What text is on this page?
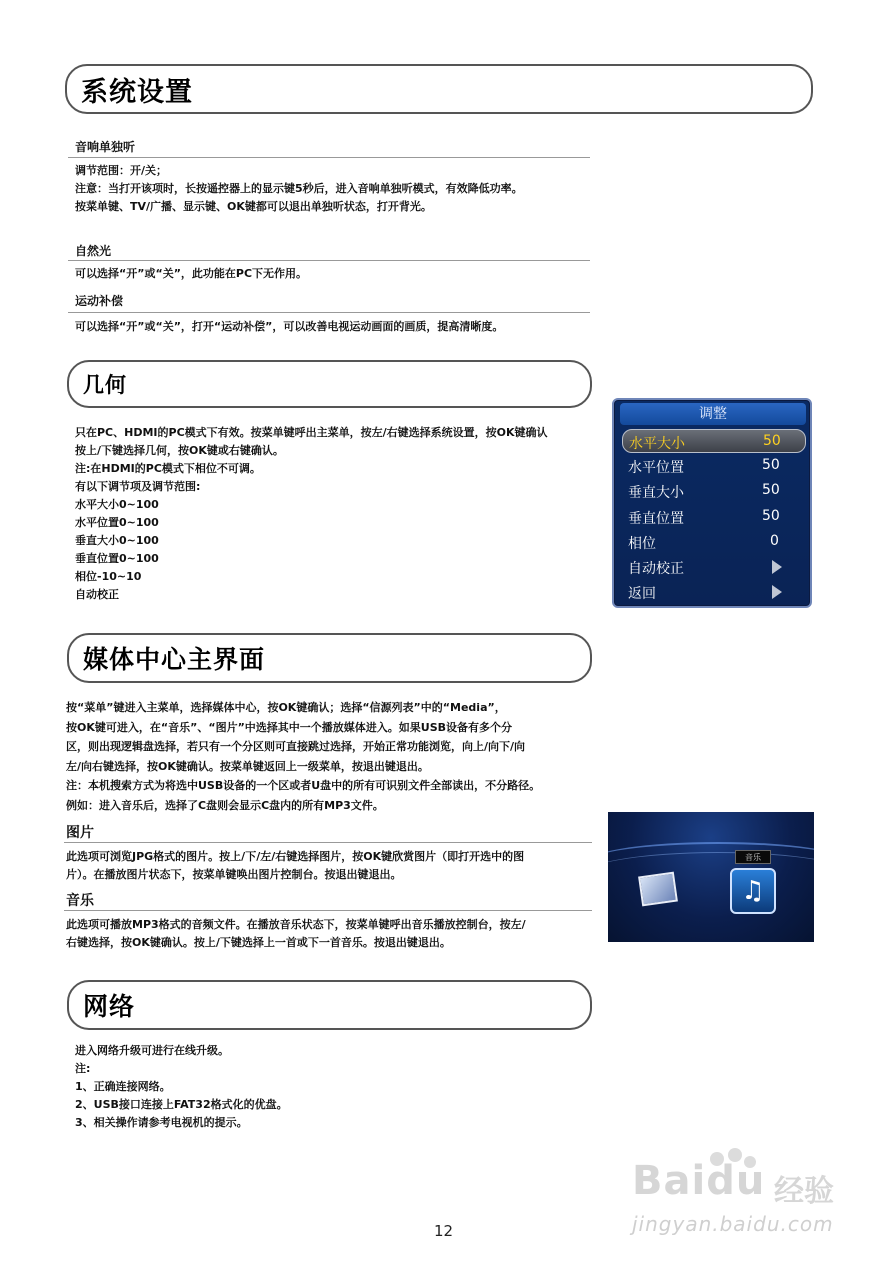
系统设置
音响单独听
调节范围：开/关；
注意：当打开该项时，长按遥控器上的显示键5秒后，进入音响单独听模式，有效降低功率。
按菜单键、TV/广播、显示键、OK键都可以退出单独听状态，打开背光。
自然光
可以选择“开”或“关”，此功能在PC下无作用。
运动补偿
可以选择“开”或“关”，打开“运动补偿”，可以改善电视运动画面的画质，提高清晰度。
几何
只在PC、HDMI的PC模式下有效。按菜单键呼出主菜单，按左/右键选择系统设置，按OK键确认
按上/下键选择几何，按OK键或右键确认。
注:在HDMI的PC模式下相位不可调。
有以下调节项及调节范围:
水平大小0~100
水平位置0~100
垂直大小0~100
垂直位置0~100
相位-10~10
自动校正
调整
水平大小	50
水平位置	50
垂直大小	50
垂直位置	50
相位	0
自动校正
返回
媒体中心主界面
按“菜单”键进入主菜单，选择媒体中心，按OK键确认；选择“信源列表”中的“Media”，
按OK键可进入，在“音乐”、“图片”中选择其中一个播放媒体进入。如果USB设备有多个分
区，则出现逻辑盘选择，若只有一个分区则可直接跳过选择，开始正常功能浏览，向上/向下/向
左/向右键选择，按OK键确认。按菜单键返回上一级菜单，按退出键退出。
注：本机搜索方式为将选中USB设备的一个区或者U盘中的所有可识别文件全部读出，不分路径。
例如：进入音乐后，选择了C盘则会显示C盘内的所有MP3文件。
图片
此选项可浏览JPG格式的图片。按上/下/左/右键选择图片，按OK键欣赏图片（即打开选中的图
片）。在播放图片状态下，按菜单键唤出图片控制台。按退出键退出。
音乐
此选项可播放MP3格式的音频文件。在播放音乐状态下，按菜单键呼出音乐播放控制台，按左/
右键选择，按OK键确认。按上/下键选择上一首或下一首音乐。按退出键退出。
音乐
♫
网络
进入网络升级可进行在线升级。
注:
1、正确连接网络。
2、USB接口连接上FAT32格式化的优盘。
3、相关操作请参考电视机的提示。
Baidu 经验
jingyan.baidu.com
12
